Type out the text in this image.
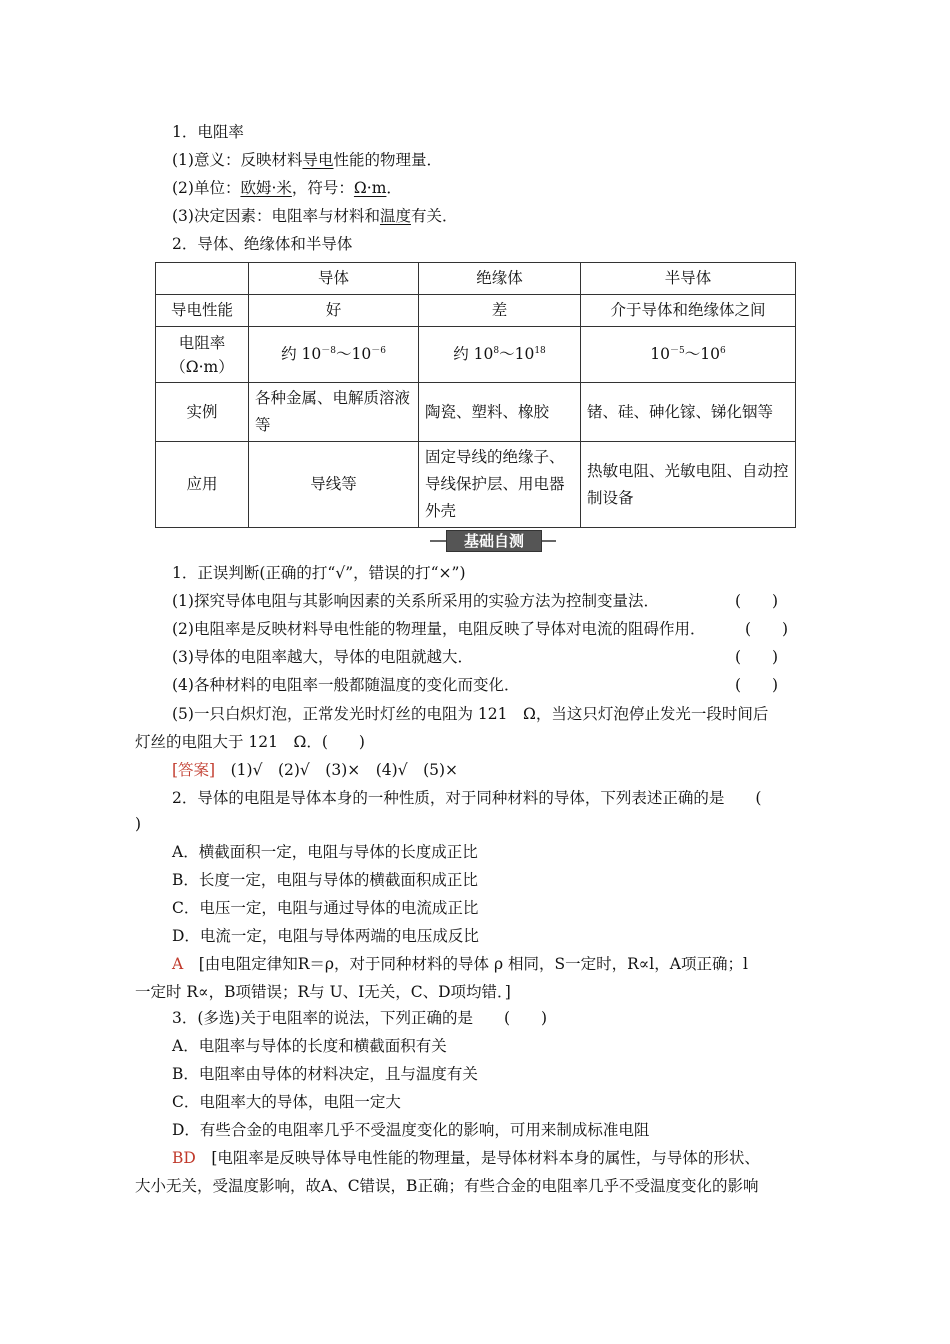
1．电阻率
(1)意义：反映材料导电性能的物理量．
(2)单位：欧姆·米，符号：Ω·m．
(3)决定因素：电阻率与材料和温度有关．
2．导体、绝缘体和半导体
	导体	绝缘体	半导体
导电性能	好	差	介于导体和绝缘体之间
电阻率
（Ω·m）	约 $10^{-8}\sim 10^{-6}$	约 $10^8\sim 10^{18}$	$10^{-5}\sim 10^6$
实例	各种金属、电解质溶液等	陶瓷、塑料、橡胶	锗、硅、砷化镓、锑化铟等
应用	导线等	固定导线的绝缘子、导线保护层、用电器外壳	热敏电阻、光敏电阻、自动控制设备
基础自测
1．正误判断(正确的打“√”，错误的打“×”)
(1)探究导体电阻与其影响因素的关系所采用的实验方法为控制变量法．	(　　)
(2)电阻率是反映材料导电性能的物理量，电阻反映了导体对电流的阻碍作用．	(　　)
(3)导体的电阻率越大，导体的电阻就越大．	(　　)
(4)各种材料的电阻率一般都随温度的变化而变化．	(　　)
(5)一只白炽灯泡，正常发光时灯丝的电阻为 121　Ω，当这只灯泡停止发光一段时间后
灯丝的电阻大于 121　Ω．(　　)
[答案]　 (1)√　(2)√　(3)×　(4)√　(5)×
2．导体的电阻是导体本身的一种性质，对于同种材料的导体，下列表述正确的是　　(
)
A．横截面积一定，电阻与导体的长度成正比
B．长度一定，电阻与导体的横截面积成正比
C．电压一定，电阻与通过导体的电流成正比
D．电流一定，电阻与导体两端的电压成反比
A　 [由电阻定律知R＝ρ，对于同种材料的导体 ρ 相同，S一定时，R∝l，A项正确；l
一定时 R∝，B项错误；R与 U、I无关，C、D项均错．]
3．(多选)关于电阻率的说法，下列正确的是　　(　　)
A．电阻率与导体的长度和横截面积有关
B．电阻率由导体的材料决定，且与温度有关
C．电阻率大的导体，电阻一定大
D．有些合金的电阻率几乎不受温度变化的影响，可用来制成标准电阻
BD　 [电阻率是反映导体导电性能的物理量，是导体材料本身的属性，与导体的形状、
大小无关，受温度影响，故A、C错误，B正确；有些合金的电阻率几乎不受温度变化的影响
